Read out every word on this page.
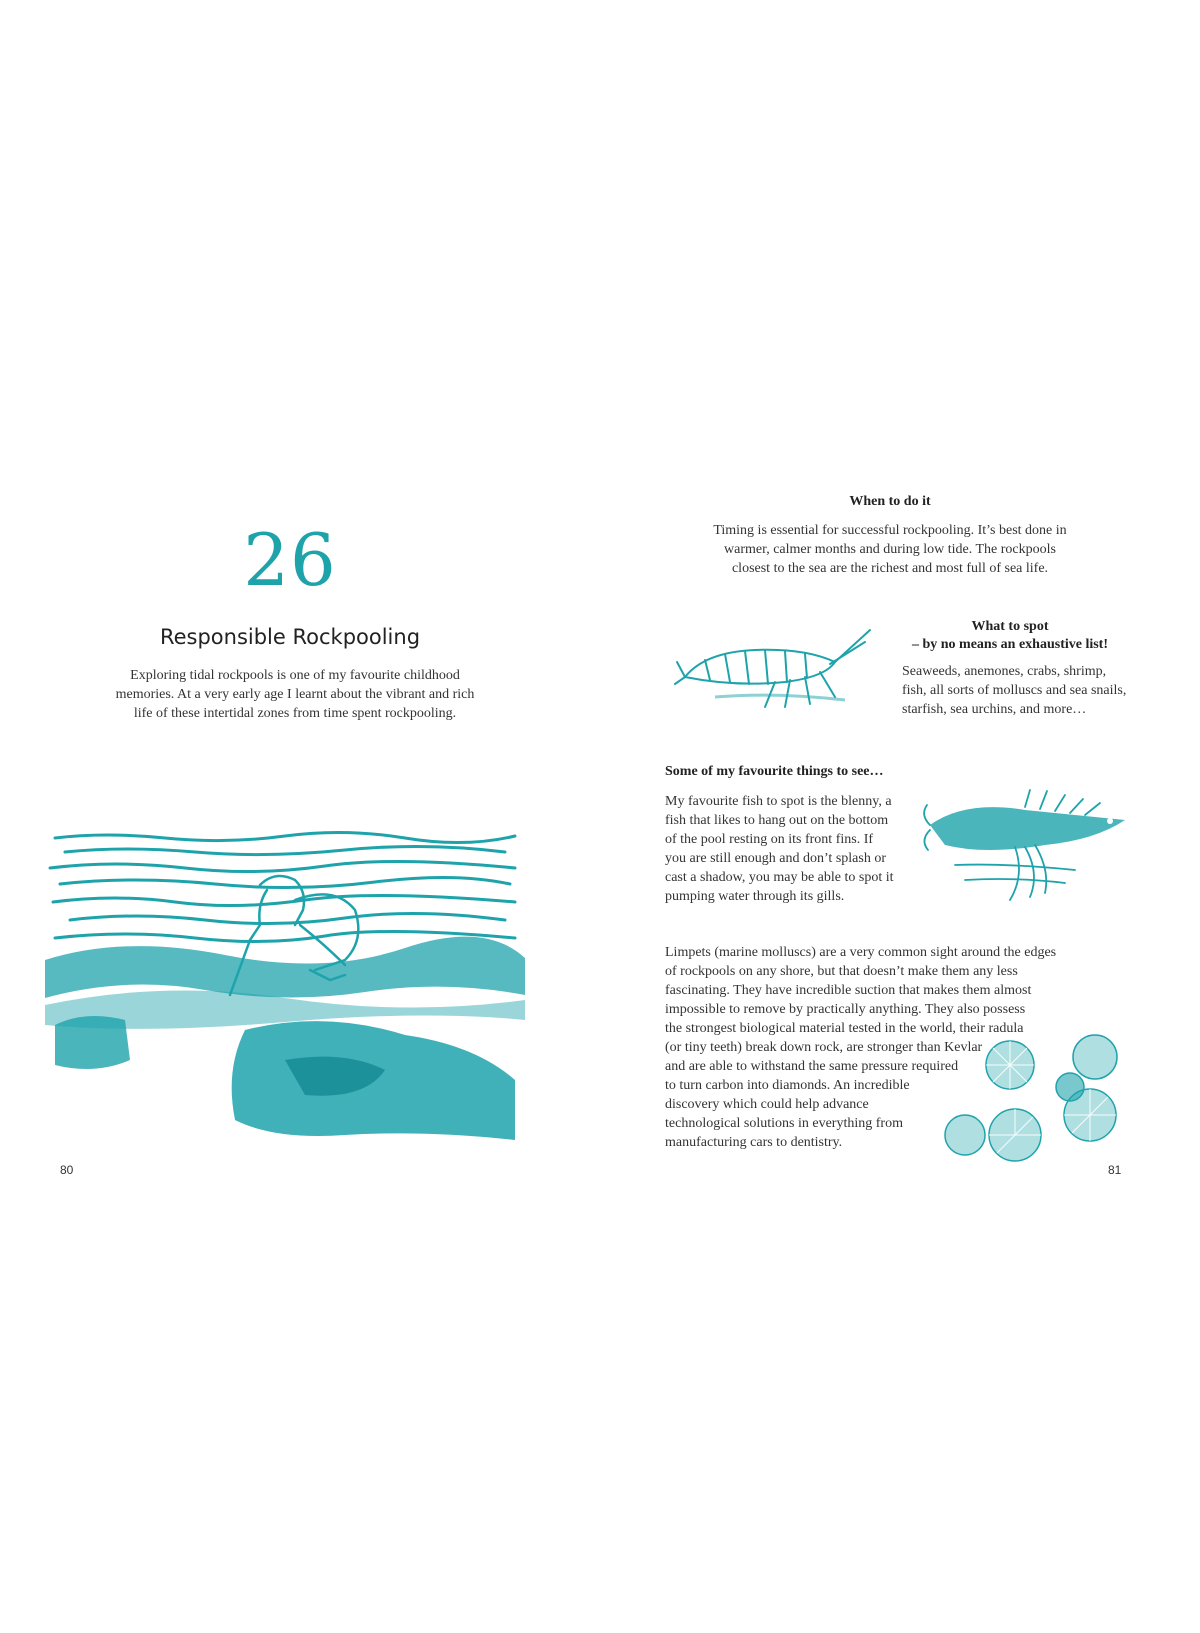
26
Responsible Rockpooling
Exploring tidal rockpools is one of my favourite childhood
memories. At a very early age I learnt about the vibrant and rich
life of these intertidal zones from time spent rockpooling.
80
When to do it
Timing is essential for successful rockpooling. It’s best done in
warmer, calmer months and during low tide. The rockpools
closest to the sea are the richest and most full of sea life.
What to spot
– by no means an exhaustive list!
Seaweeds, anemones, crabs, shrimp,
fish, all sorts of molluscs and sea snails,
starfish, sea urchins, and more…
Some of my favourite things to see…
My favourite fish to spot is the blenny, a
fish that likes to hang out on the bottom
of the pool resting on its front fins. If
you are still enough and don’t splash or
cast a shadow, you may be able to spot it
pumping water through its gills.
Limpets (marine molluscs) are a very common sight around the edges
of rockpools on any shore, but that doesn’t make them any less
fascinating. They have incredible suction that makes them almost
impossible to remove by practically anything. They also possess
the strongest biological material tested in the world, their radula
(or tiny teeth) break down rock, are stronger than Kevlar
and are able to withstand the same pressure required
to turn carbon into diamonds. An incredible
discovery which could help advance
technological solutions in everything from
manufacturing cars to dentistry.
81
